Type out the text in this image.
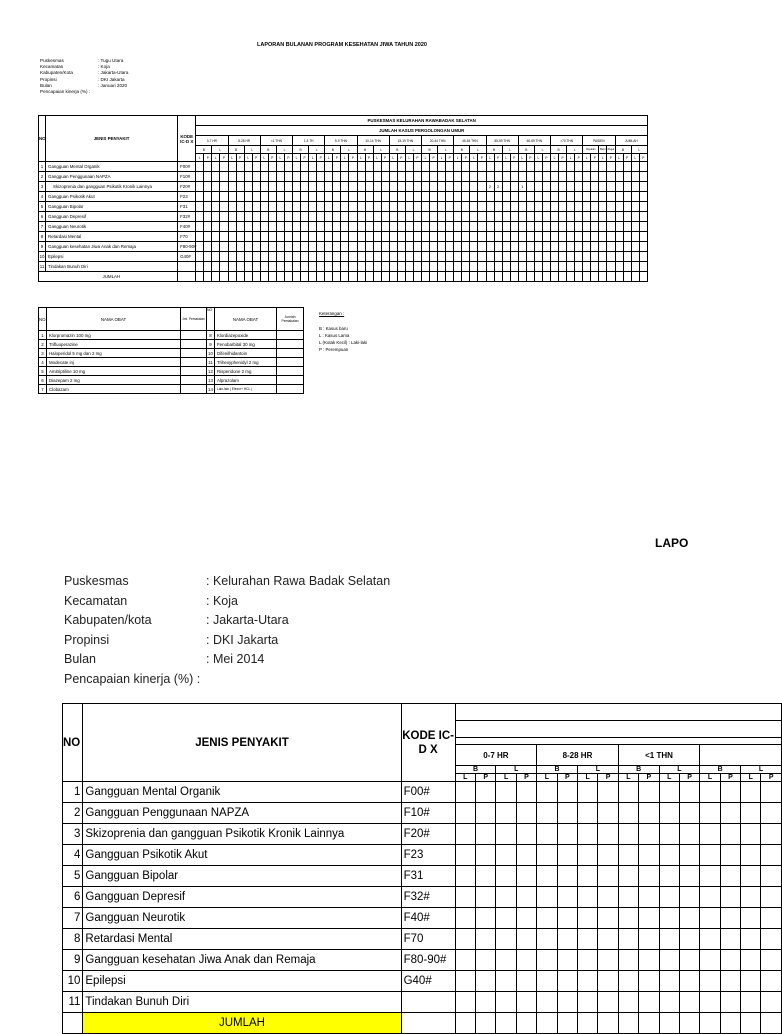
LAPORAN BULANAN PROGRAM KESEHATAN JIWA TAHUN 2020
Puskesmas	: Tugu Utara
Kecamatan	: Koja
Kabupaten/Kota	: Jakarta-Utara
Propinsi	: DKI Jakarta
Bulan	: Januari 2020
Pencapaian kinerja (%) :
NO	JENIS PENYAKIT	KODE IC-D X	PUSKESMAS KELURAHAN RAWABADAK SELATAN																																																							
			JUMLAH KASUS PERGOLONGAN UMUR																																																							
			0-7 HR				8-28 HR				<1 THN				1-4 TH				5-9 THN				10-14 THN				15-19 THN				20-44 THN				45-54 THN				55-59 THN				60-69 THN				>70 THN				PASIEN				JUMLAH			
			B		L		B		L		B		L		B		L		B		L		B		L		B		L		B		L		B		L		B		L		B		L		B		L		Rujukan		Baru	Rujuk	B		L	
			L	P	L	P	L	P	L	P	L	P	L	P	L	P	L	P	L	P	L	P	L	P	L	P	L	P	L	P	L	P	L	P	L	P	L	P	L	P	L	P	L	P	L	P	L	P	L	P	L	P	L	P	L	P	L	P
1	Gangguan Mental Organik	F00#																																																								
2	Gangguan Penggunaan NAPZA	F10#																																																								
3	Skizoprenia dan gangguan Psikotik Kronik Lainnya	F20#																																					2	2			1															
4	Gangguan Psikotik Akut	F23																																																								
5	Gangguan Bipolar	F31																																																								
6	Gangguan Depresif	F32#																																																								
7	Gangguan Neurotik	F40#																																																								
8	Retardasi Mental	F70																																																								
9	Gangguan kesehatan Jiwa Anak dan Remaja	F80-90#																																																								
10	Epilepsi	G40#																																																								
11	Tindakan Bunuh Diri																																																									
	JUMLAH																																																									
NO	NAMA OBAT	Jml. Pemakaian	NO	NAMA OBAT	Jumlah Pemakaian
1	Klorpromazin 100 mg		8	Klordiazepoxide	
2	Trifluoperazine		9	Fenobarbital 30 mg	
3	Haloperidol 5 mg dan 2 mg		10	Difenilhidantoin	
4	Modecate inj		11	Trihexyphenidyl 2 mg	
5	Amitriptiline 10 mg		12	Risperidone 2 mg	
6	Diazepam 2 mg		13	Alprazolam	
7	Clobazam		14	Lain-lain ( Efexor+ HCL )	
Keterangan :
B : Kasus baru
L : Kasus Lama
L (Kotak Kecil) : Laki-laki
P : Perempuan
LAPO
Puskesmas	: Kelurahan Rawa Badak Selatan
Kecamatan	: Koja
Kabupaten/kota	: Jakarta-Utara
Propinsi	: DKI Jakarta
Bulan	: Mei 2014
Pencapaian kinerja (%) :
NO	JENIS PENYAKIT	KODE IC-D X																

			0-7 HR				8-28 HR				<1 THN							
			B		L		B		L		B		L		B		L	
			L	P	L	P	L	P	L	P	L	P	L	P	L	P	L	P
1	Gangguan Mental Organik	F00#																
2	Gangguan Penggunaan NAPZA	F10#																
3	Skizoprenia dan gangguan Psikotik Kronik Lainnya	F20#																
4	Gangguan Psikotik Akut	F23																
5	Gangguan Bipolar	F31																
6	Gangguan Depresif	F32#																
7	Gangguan Neurotik	F40#																
8	Retardasi Mental	F70																
9	Gangguan kesehatan Jiwa Anak dan Remaja	F80-90#																
10	Epilepsi	G40#																
11	Tindakan Bunuh Diri																	
	JUMLAH																	
